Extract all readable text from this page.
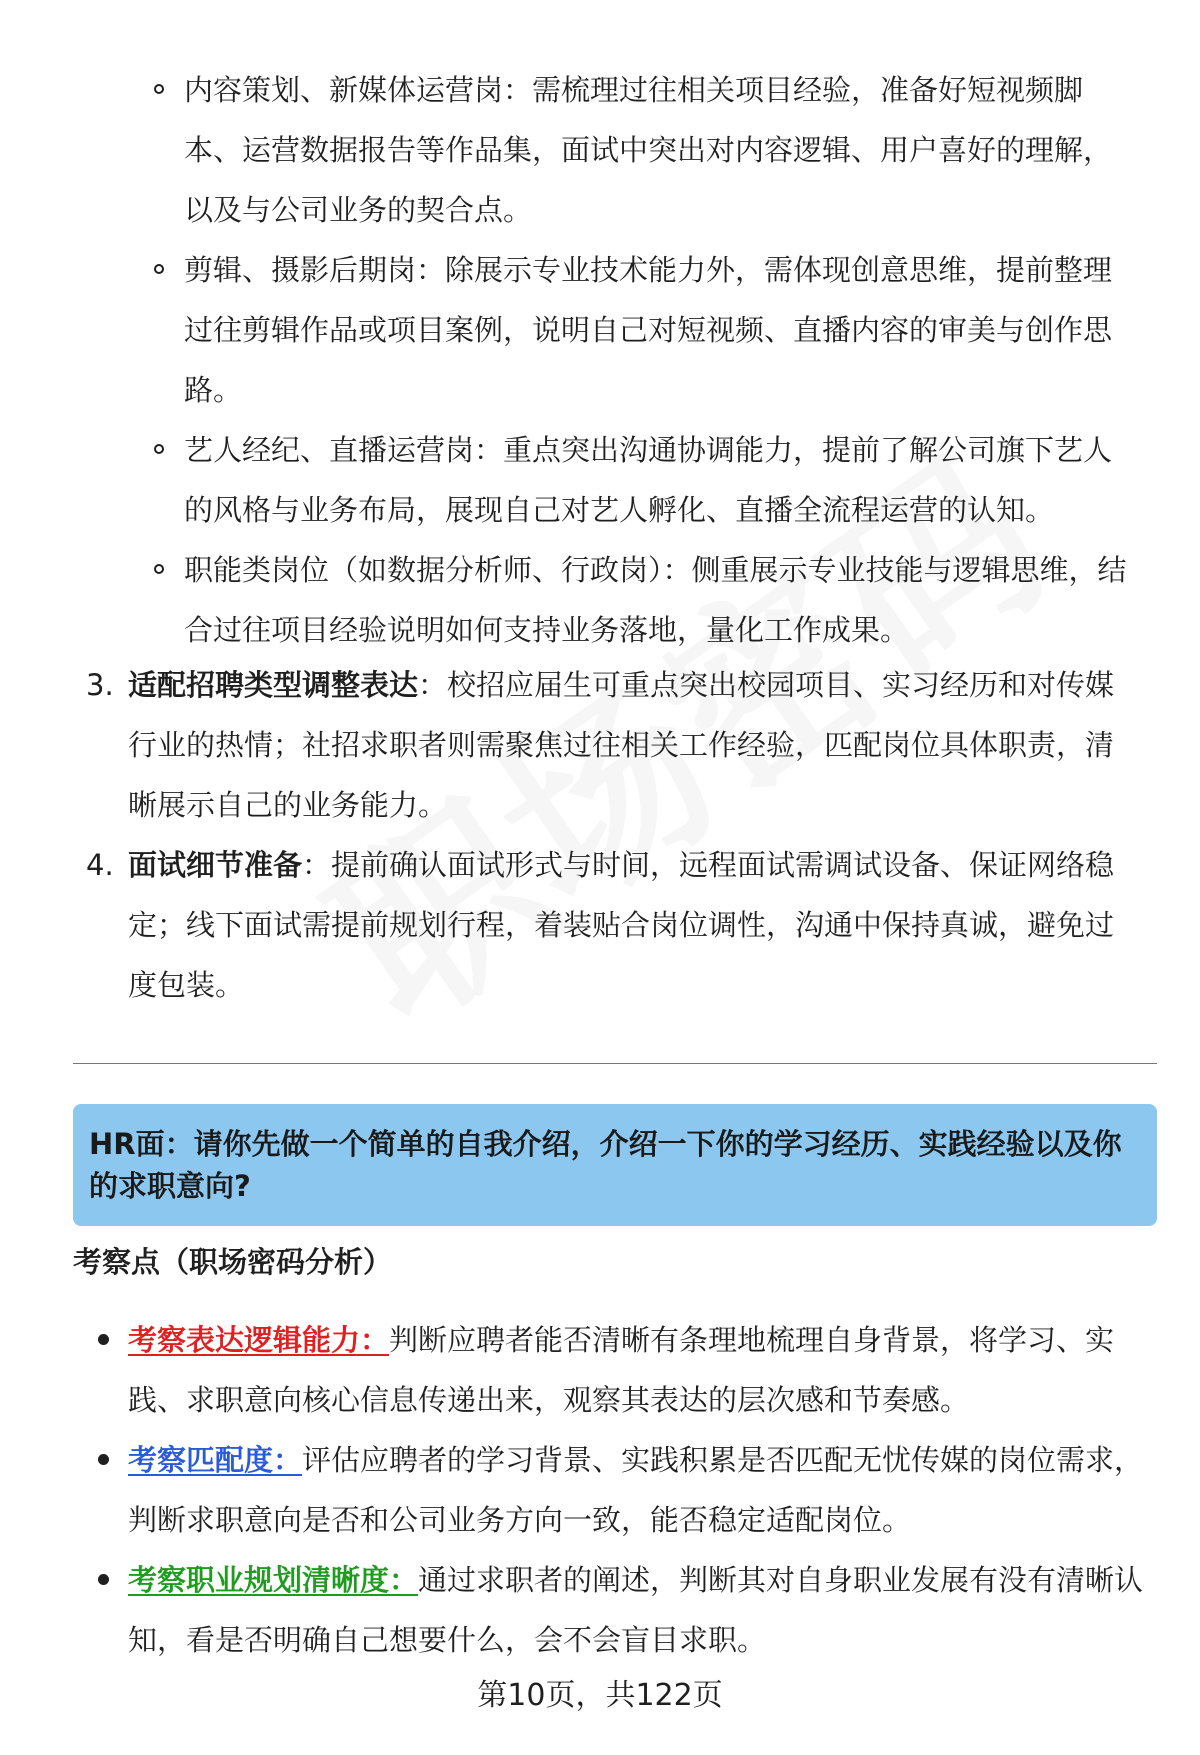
内容策划、新媒体运营岗：需梳理过往相关项目经验，准备好短视频脚本、运营数据报告等作品集，面试中突出对内容逻辑、用户喜好的理解，以及与公司业务的契合点。

剪辑、摄影后期岗：除展示专业技术能力外，需体现创意思维，提前整理过往剪辑作品或项目案例，说明自己对短视频、直播内容的审美与创作思路。

艺人经纪、直播运营岗：重点突出沟通协调能力，提前了解公司旗下艺人的风格与业务布局，展现自己对艺人孵化、直播全流程运营的认知。

职能类岗位（如数据分析师、行政岗）：侧重展示专业技能与逻辑思维，结合过往项目经验说明如何支持业务落地，量化工作成果。

3. 适配招聘类型调整表达：校招应届生可重点突出校园项目、实习经历和对传媒行业的热情；社招求职者则需聚焦过往相关工作经验，匹配岗位具体职责，清晰展示自己的业务能力。

4. 面试细节准备：提前确认面试形式与时间，远程面试需调试设备、保证网络稳定；线下面试需提前规划行程，着装贴合岗位调性，沟通中保持真诚，避免过度包装。

HR面：请你先做一个简单的自我介绍，介绍一下你的学习经历、实践经验以及你的求职意向?
考察点（职场密码分析）

考察表达逻辑能力：判断应聘者能否清晰有条理地梳理自身背景，将学习、实践、求职意向核心信息传递出来，观察其表达的层次感和节奏感。

考察匹配度：评估应聘者的学习背景、实践积累是否匹配无忧传媒的岗位需求，判断求职意向是否和公司业务方向一致，能否稳定适配岗位。

考察职业规划清晰度：通过求职者的阐述，判断其对自身职业发展有没有清晰认知，看是否明确自己想要什么，会不会盲目求职。

第10页，共122页
